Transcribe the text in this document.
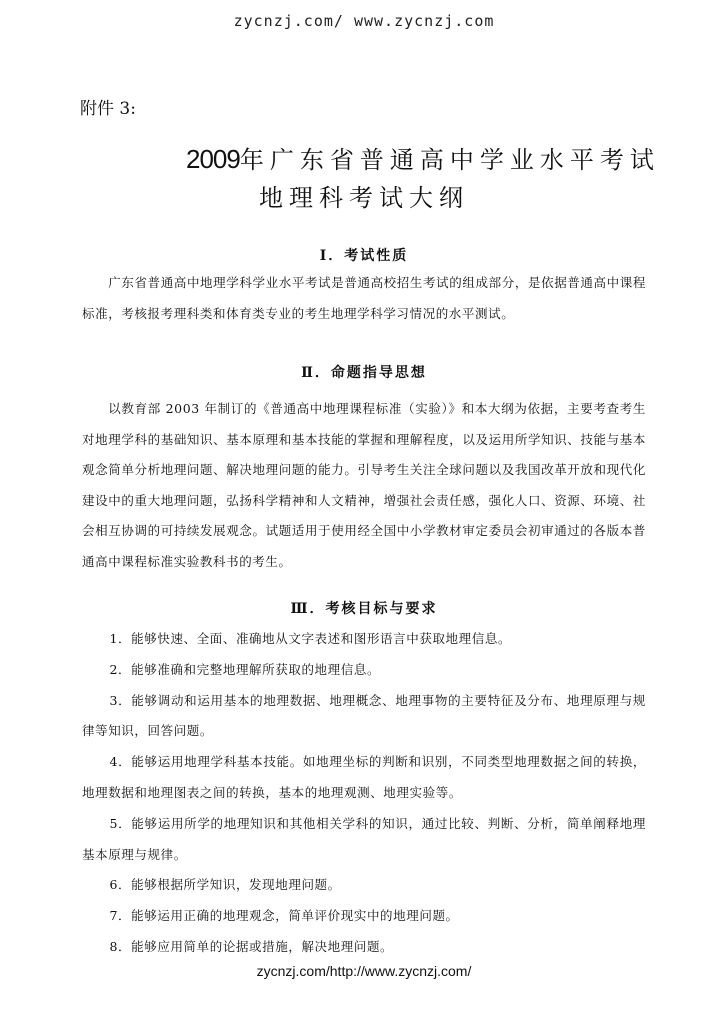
zycnzj.com/ www.zycnzj.com
附件 3:
2009年广东省普通高中学业水平考试
地理科考试大纲
Ⅰ．考试性质
广东省普通高中地理学科学业水平考试是普通高校招生考试的组成部分，是依据普通高中课程标准，考核报考理科类和体育类专业的考生地理学科学习情况的水平测试。
Ⅱ．命题指导思想
以教育部 2003 年制订的《普通高中地理课程标准（实验）》和本大纲为依据，主要考查考生对地理学科的基础知识、基本原理和基本技能的掌握和理解程度，以及运用所学知识、技能与基本观念简单分析地理问题、解决地理问题的能力。引导考生关注全球问题以及我国改革开放和现代化建设中的重大地理问题，弘扬科学精神和人文精神，增强社会责任感，强化人口、资源、环境、社会相互协调的可持续发展观念。试题适用于使用经全国中小学教材审定委员会初审通过的各版本普通高中课程标准实验教科书的考生。
Ⅲ．考核目标与要求
1．能够快速、全面、准确地从文字表述和图形语言中获取地理信息。
2．能够准确和完整地理解所获取的地理信息。
3．能够调动和运用基本的地理数据、地理概念、地理事物的主要特征及分布、地理原理与规律等知识，回答问题。
4．能够运用地理学科基本技能。如地理坐标的判断和识别，不同类型地理数据之间的转换，地理数据和地理图表之间的转换，基本的地理观测、地理实验等。
5．能够运用所学的地理知识和其他相关学科的知识，通过比较、判断、分析，简单阐释地理基本原理与规律。
6．能够根据所学知识，发现地理问题。
7．能够运用正确的地理观念，简单评价现实中的地理问题。
8．能够应用简单的论据或措施，解决地理问题。
zycnzj.com/http://www.zycnzj.com/
